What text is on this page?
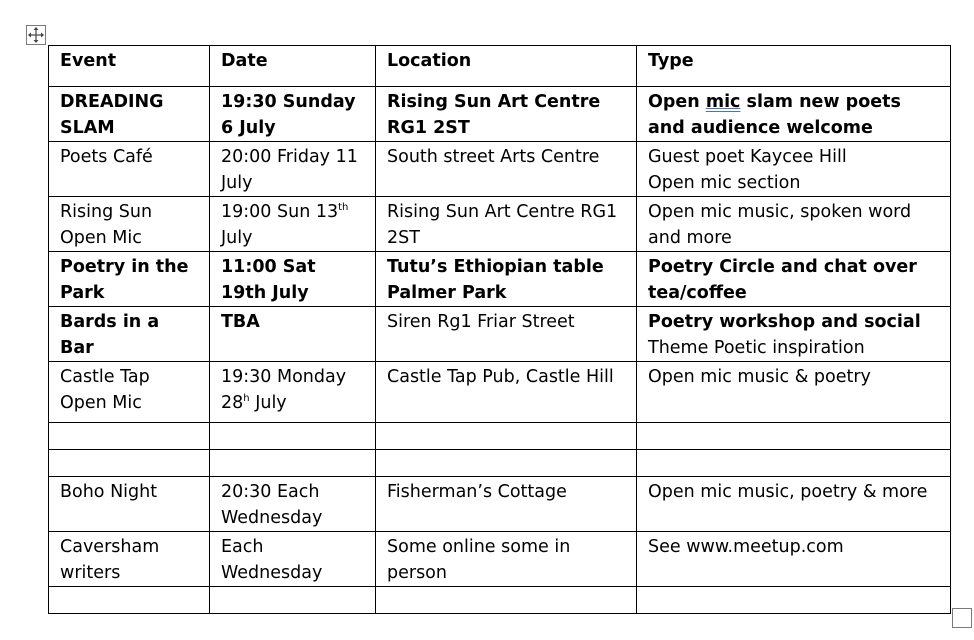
Event	Date	Location	Type
DREADING SLAM	19:30 Sunday 6 July	Rising Sun Art Centre RG1 2ST	Open mic slam new poets and audience welcome
Poets Café	20:00 Friday 11 July	South street Arts Centre	Guest poet Kaycee Hill
Open mic section

Rising Sun Open Mic	19:00 Sun 13th July	Rising Sun Art Centre RG1 2ST	Open mic music, spoken word and more
Poetry in the Park	11:00 Sat 19th July	Tutu’s Ethiopian table Palmer Park	Poetry Circle and chat over tea/coffee
Bards in a Bar	TBA	Siren Rg1 Friar Street	Poetry workshop and social
Theme Poetic inspiration

Castle Tap Open Mic	19:30 Monday 28$^h$ July	Castle Tap Pub, Castle Hill	Open mic music & poetry

Boho Night	20:30 Each Wednesday	Fisherman’s Cottage	Open mic music, poetry & more
Caversham writers	Each Wednesday	Some online some in person	See www.meetup.com
